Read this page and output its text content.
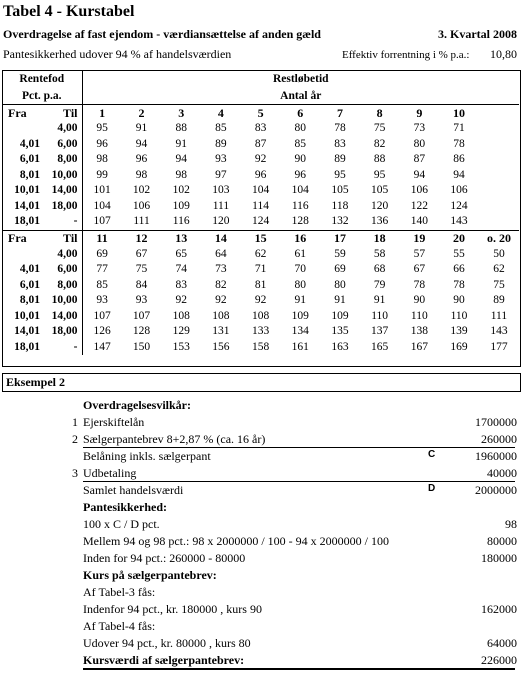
Tabel 4 - Kurstabel
Overdragelse af fast ejendom - værdiansættelse af anden gæld	3. Kvartal 2008
Pantesikkerhed udover 94 % af handelsværdien	Effektiv forrentning i % p.a.: 10,80
Rentefod		Restløbetid										
Pct. p.a.		Antal år										
Fra	Til	1	2	3	4	5	6	7	8	9	10	
	4,00	95	91	88	85	83	80	78	75	73	71	
4,01	6,00	96	94	91	89	87	85	83	82	80	78	
6,01	8,00	98	96	94	93	92	90	89	88	87	86	
8,01	10,00	99	98	98	97	96	96	95	95	94	94	
10,01	14,00	101	102	102	103	104	104	105	105	106	106	
14,01	18,00	104	106	109	111	114	116	118	120	122	124	
18,01	-	107	111	116	120	124	128	132	136	140	143	
Fra	Til	11	12	13	14	15	16	17	18	19	20	o. 20
	4,00	69	67	65	64	62	61	59	58	57	55	50
4,01	6,00	77	75	74	73	71	70	69	68	67	66	62
6,01	8,00	85	84	83	82	81	80	80	79	78	78	75
8,01	10,00	93	93	92	92	92	91	91	91	90	90	89
10,01	14,00	107	107	108	108	108	109	109	110	110	110	111
14,01	18,00	126	128	129	131	133	134	135	137	138	139	143
18,01	-	147	150	153	156	158	161	163	165	167	169	177
Eksempel 2
Overdragelsesvilkår:
1 Ejerskiftelån	1700000
2 Sælgerpantebrev 8+2,87 % (ca. 16 år)	260000
Belåning inkls. sælgerpant	C	1960000
3 Udbetaling	40000
Samlet handelsværdi	D	2000000
Pantesikkerhed:
100 x C / D pct.	98
Mellem 94 og 98 pct.: 98 x 2000000 / 100 - 94 x 2000000 / 100	80000
Inden for 94 pct.: 260000 - 80000	180000
Kurs på sælgerpantebrev:
Af Tabel-3 fås:
Indenfor 94 pct., kr. 180000 , kurs 90	162000
Af Tabel-4 fås:
Udover 94 pct., kr. 80000 , kurs 80	64000
Kursværdi af sælgerpantebrev:	226000
